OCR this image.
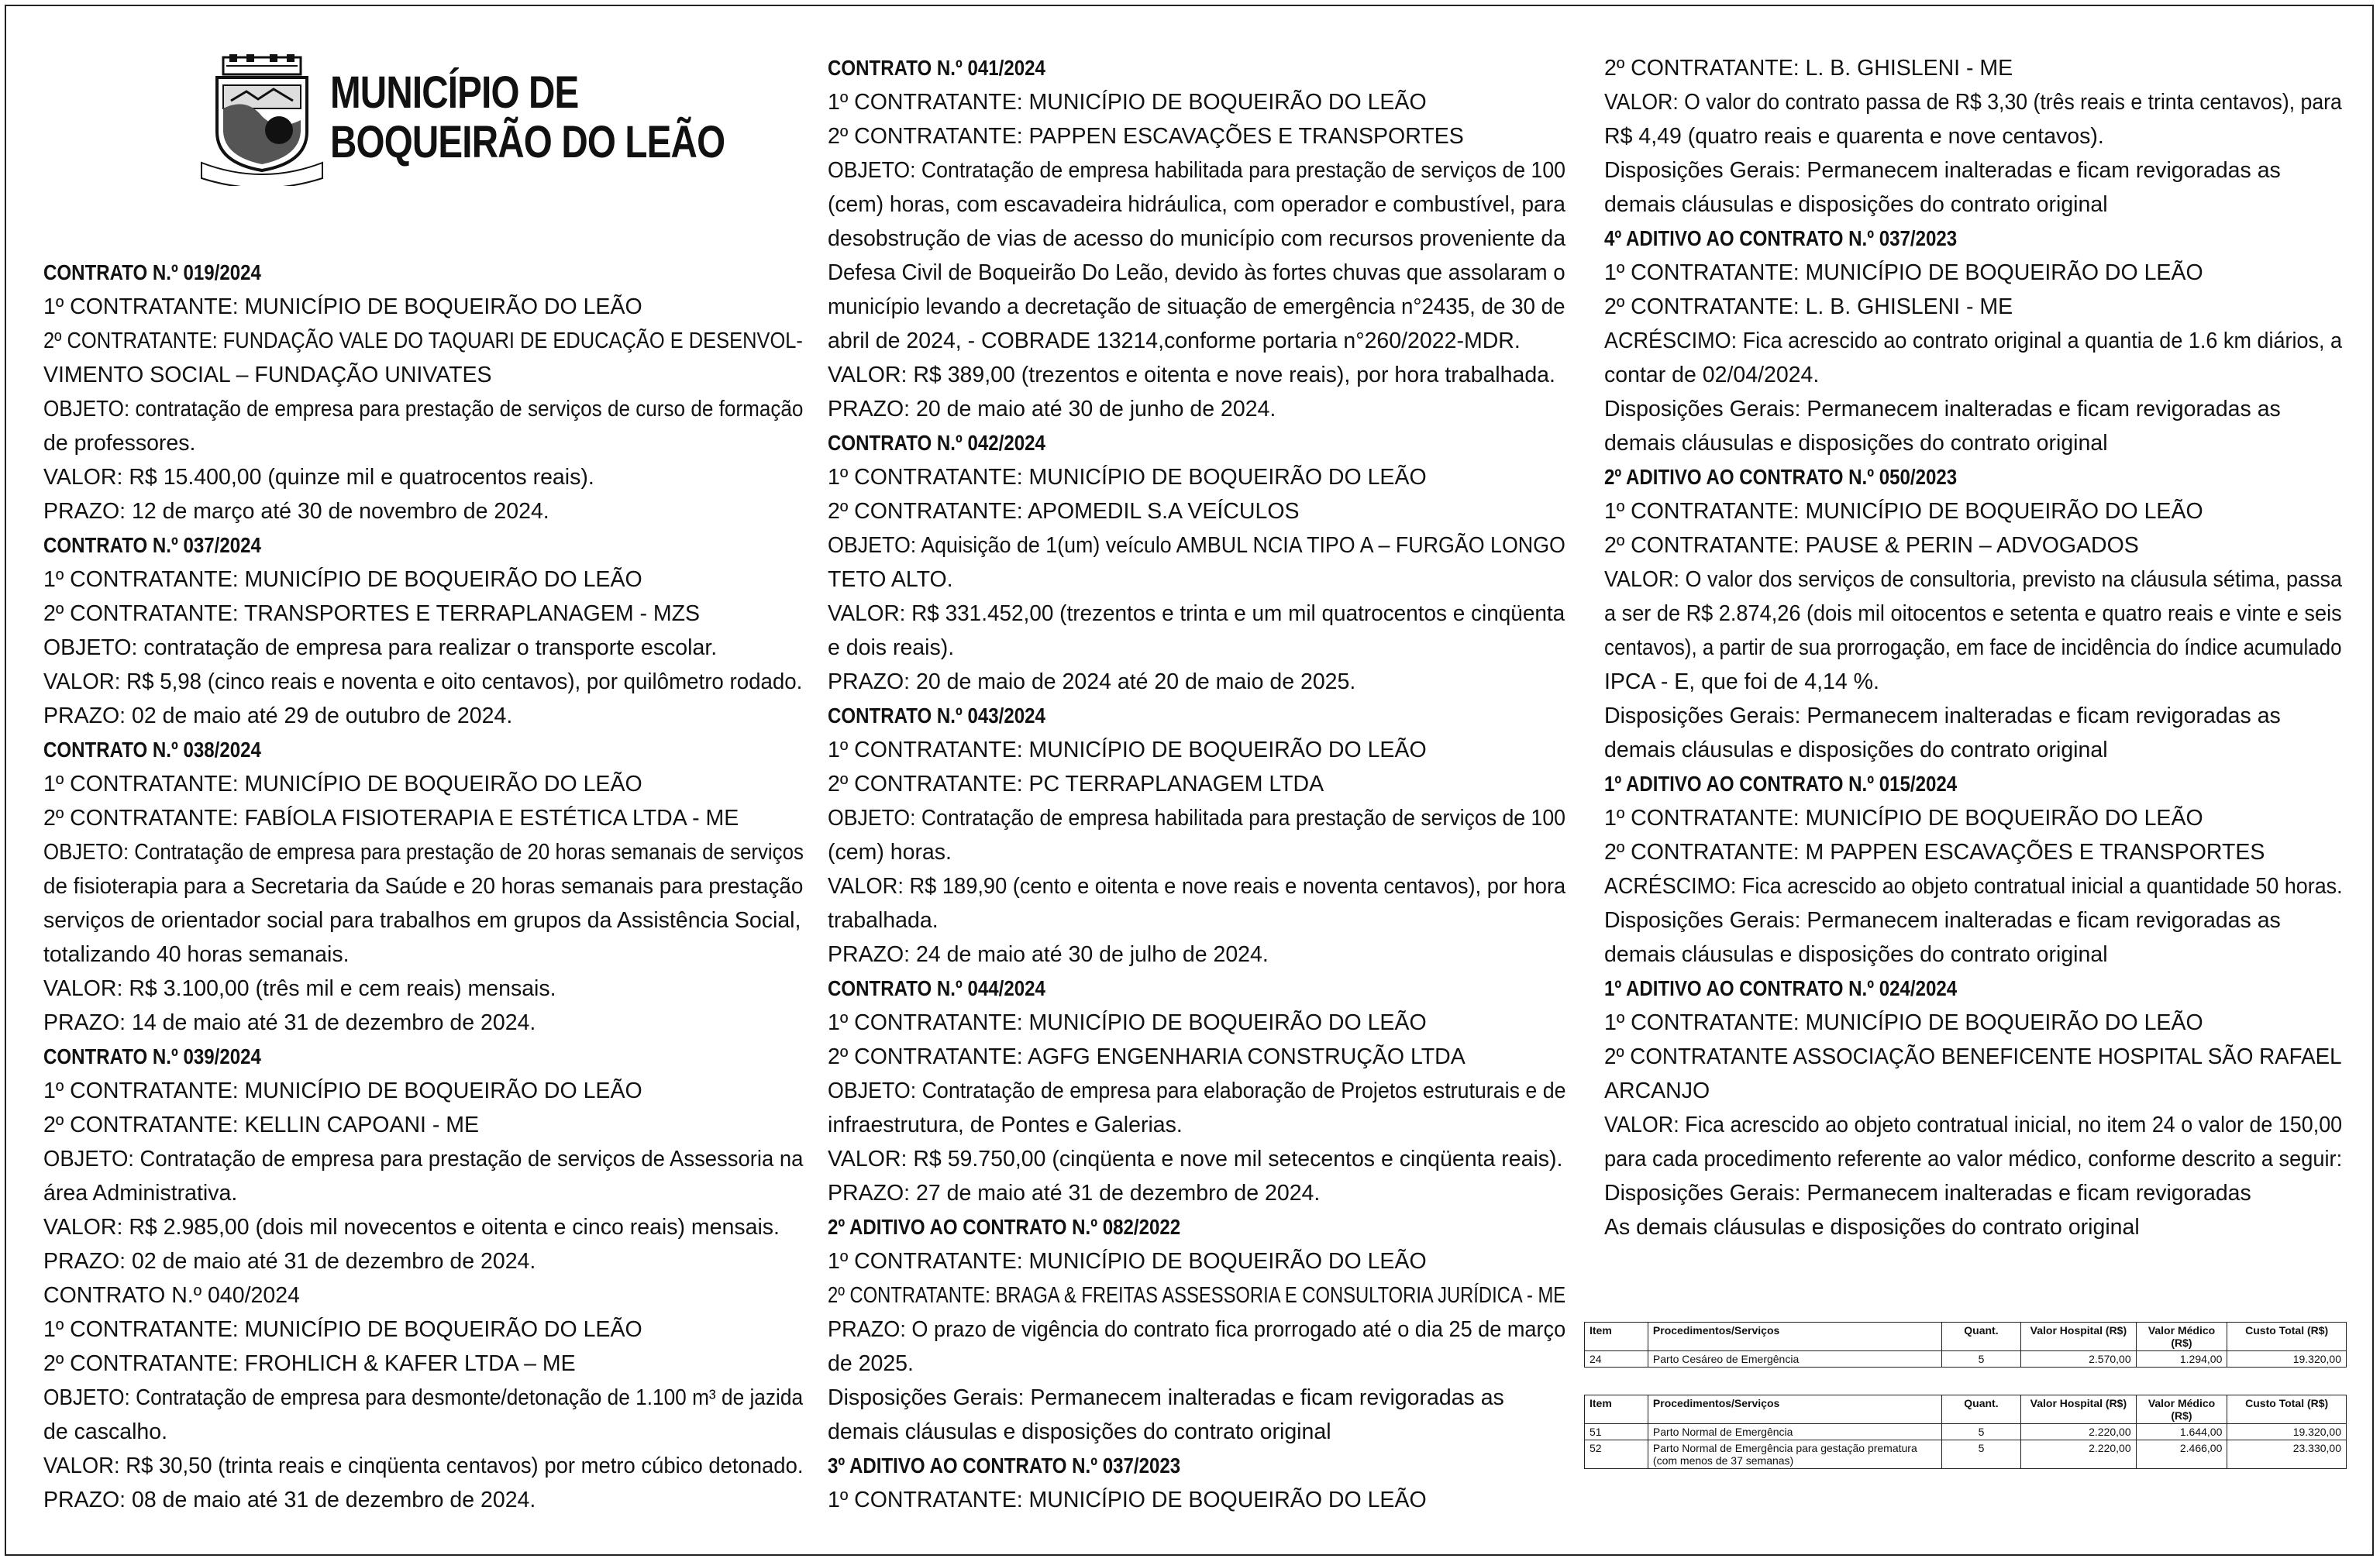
MUNICÍPIO DE
BOQUEIRÃO DO LEÃO
CONTRATO N.º 019/2024
1º CONTRATANTE: MUNICÍPIO DE BOQUEIRÃO DO LEÃO
2º CONTRATANTE: FUNDAÇÃO VALE DO TAQUARI DE EDUCAÇÃO E DESENVOL-
VIMENTO SOCIAL – FUNDAÇÃO UNIVATES
OBJETO: contratação de empresa para prestação de serviços de curso de formação
de professores.
VALOR: R$ 15.400,00 (quinze mil e quatrocentos reais).
PRAZO: 12 de março até 30 de novembro de 2024.
CONTRATO N.º 037/2024
1º CONTRATANTE: MUNICÍPIO DE BOQUEIRÃO DO LEÃO
2º CONTRATANTE: TRANSPORTES E TERRAPLANAGEM - MZS
OBJETO: contratação de empresa para realizar o transporte escolar.
VALOR: R$ 5,98 (cinco reais e noventa e oito centavos), por quilômetro rodado.
PRAZO: 02 de maio até 29 de outubro de 2024.
CONTRATO N.º 038/2024
1º CONTRATANTE: MUNICÍPIO DE BOQUEIRÃO DO LEÃO
2º CONTRATANTE: FABÍOLA FISIOTERAPIA E ESTÉTICA LTDA - ME
OBJETO: Contratação de empresa para prestação de 20 horas semanais de serviços
de fisioterapia para a Secretaria da Saúde e 20 horas semanais para prestação
serviços de orientador social para trabalhos em grupos da Assistência Social,
totalizando 40 horas semanais.
VALOR: R$ 3.100,00 (três mil e cem reais) mensais.
PRAZO: 14 de maio até 31 de dezembro de 2024.
CONTRATO N.º 039/2024
1º CONTRATANTE: MUNICÍPIO DE BOQUEIRÃO DO LEÃO
2º CONTRATANTE: KELLIN CAPOANI - ME
OBJETO: Contratação de empresa para prestação de serviços de Assessoria na
área Administrativa.
VALOR: R$ 2.985,00 (dois mil novecentos e oitenta e cinco reais) mensais.
PRAZO: 02 de maio até 31 de dezembro de 2024.
CONTRATO N.º 040/2024
1º CONTRATANTE: MUNICÍPIO DE BOQUEIRÃO DO LEÃO
2º CONTRATANTE: FROHLICH & KAFER LTDA – ME
OBJETO: Contratação de empresa para desmonte/detonação de 1.100 m³ de jazida
de cascalho.
VALOR: R$ 30,50 (trinta reais e cinqüenta centavos) por metro cúbico detonado.
PRAZO: 08 de maio até 31 de dezembro de 2024.
CONTRATO N.º 041/2024
1º CONTRATANTE: MUNICÍPIO DE BOQUEIRÃO DO LEÃO
2º CONTRATANTE: PAPPEN ESCAVAÇÕES E TRANSPORTES
OBJETO: Contratação de empresa habilitada para prestação de serviços de 100
(cem) horas, com escavadeira hidráulica, com operador e combustível, para
desobstrução de vias de acesso do município com recursos proveniente da
Defesa Civil de Boqueirão Do Leão, devido às fortes chuvas que assolaram o
município levando a decretação de situação de emergência n°2435, de 30 de
abril de 2024, - COBRADE 13214,conforme portaria n°260/2022-MDR.
VALOR: R$ 389,00 (trezentos e oitenta e nove reais), por hora trabalhada.
PRAZO: 20 de maio até 30 de junho de 2024.
CONTRATO N.º 042/2024
1º CONTRATANTE: MUNICÍPIO DE BOQUEIRÃO DO LEÃO
2º CONTRATANTE: APOMEDIL S.A VEÍCULOS
OBJETO: Aquisição de 1(um) veículo AMBUL NCIA TIPO A – FURGÃO LONGO
TETO ALTO.
VALOR: R$ 331.452,00 (trezentos e trinta e um mil quatrocentos e cinqüenta
e dois reais).
PRAZO: 20 de maio de 2024 até 20 de maio de 2025.
CONTRATO N.º 043/2024
1º CONTRATANTE: MUNICÍPIO DE BOQUEIRÃO DO LEÃO
2º CONTRATANTE: PC TERRAPLANAGEM LTDA
OBJETO: Contratação de empresa habilitada para prestação de serviços de 100
(cem) horas.
VALOR: R$ 189,90 (cento e oitenta e nove reais e noventa centavos), por hora
trabalhada.
PRAZO: 24 de maio até 30 de julho de 2024.
CONTRATO N.º 044/2024
1º CONTRATANTE: MUNICÍPIO DE BOQUEIRÃO DO LEÃO
2º CONTRATANTE: AGFG ENGENHARIA CONSTRUÇÃO LTDA
OBJETO: Contratação de empresa para elaboração de Projetos estruturais e de
infraestrutura, de Pontes e Galerias.
VALOR: R$ 59.750,00 (cinqüenta e nove mil setecentos e cinqüenta reais).
PRAZO: 27 de maio até 31 de dezembro de 2024.
2º ADITIVO AO CONTRATO N.º 082/2022
1º CONTRATANTE: MUNICÍPIO DE BOQUEIRÃO DO LEÃO
2º CONTRATANTE: BRAGA & FREITAS ASSESSORIA E CONSULTORIA JURÍDICA - ME
PRAZO: O prazo de vigência do contrato fica prorrogado até o dia 25 de março
de 2025.
Disposições Gerais: Permanecem inalteradas e ficam revigoradas as
demais cláusulas e disposições do contrato original
3º ADITIVO AO CONTRATO N.º 037/2023
1º CONTRATANTE: MUNICÍPIO DE BOQUEIRÃO DO LEÃO
2º CONTRATANTE: L. B. GHISLENI - ME
VALOR: O valor do contrato passa de R$ 3,30 (três reais e trinta centavos), para
R$ 4,49 (quatro reais e quarenta e nove centavos).
Disposições Gerais: Permanecem inalteradas e ficam revigoradas as
demais cláusulas e disposições do contrato original
4º ADITIVO AO CONTRATO N.º 037/2023
1º CONTRATANTE: MUNICÍPIO DE BOQUEIRÃO DO LEÃO
2º CONTRATANTE: L. B. GHISLENI - ME
ACRÉSCIMO: Fica acrescido ao contrato original a quantia de 1.6 km diários, a
contar de 02/04/2024.
Disposições Gerais: Permanecem inalteradas e ficam revigoradas as
demais cláusulas e disposições do contrato original
2º ADITIVO AO CONTRATO N.º 050/2023
1º CONTRATANTE: MUNICÍPIO DE BOQUEIRÃO DO LEÃO
2º CONTRATANTE: PAUSE & PERIN – ADVOGADOS
VALOR: O valor dos serviços de consultoria, previsto na cláusula sétima, passa
a ser de R$ 2.874,26 (dois mil oitocentos e setenta e quatro reais e vinte e seis
centavos), a partir de sua prorrogação, em face de incidência do índice acumulado
IPCA - E, que foi de 4,14 %.
Disposições Gerais: Permanecem inalteradas e ficam revigoradas as
demais cláusulas e disposições do contrato original
1º ADITIVO AO CONTRATO N.º 015/2024
1º CONTRATANTE: MUNICÍPIO DE BOQUEIRÃO DO LEÃO
2º CONTRATANTE: M PAPPEN ESCAVAÇÕES E TRANSPORTES
ACRÉSCIMO: Fica acrescido ao objeto contratual inicial a quantidade 50 horas.
Disposições Gerais: Permanecem inalteradas e ficam revigoradas as
demais cláusulas e disposições do contrato original
1º ADITIVO AO CONTRATO N.º 024/2024
1º CONTRATANTE: MUNICÍPIO DE BOQUEIRÃO DO LEÃO
2º CONTRATANTE ASSOCIAÇÃO BENEFICENTE HOSPITAL SÃO RAFAEL
ARCANJO
VALOR: Fica acrescido ao objeto contratual inicial, no item 24 o valor de 150,00
para cada procedimento referente ao valor médico, conforme descrito a seguir:
Disposições Gerais: Permanecem inalteradas e ficam revigoradas
As demais cláusulas e disposições do contrato original
Item	Procedimentos/Serviços	Quant.	Valor Hospital (R$)	Valor Médico (R$)	Custo Total (R$)
24	Parto Cesáreo de Emergência	5	2.570,00	1.294,00	19.320,00
Item	Procedimentos/Serviços	Quant.	Valor Hospital (R$)	Valor Médico (R$)	Custo Total (R$)
51	Parto Normal de Emergência	5	2.220,00	1.644,00	19.320,00
52	Parto Normal de Emergência para gestação prematura (com menos de 37 semanas)	5	2.220,00	2.466,00	23.330,00
